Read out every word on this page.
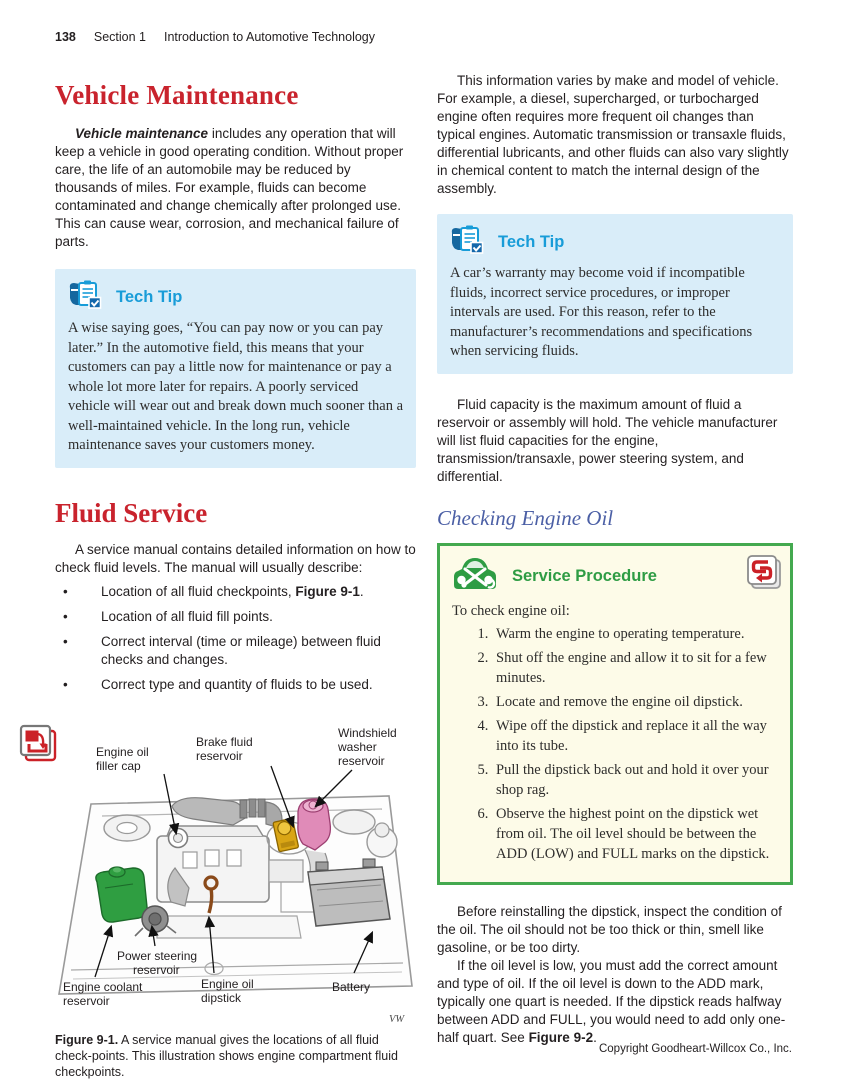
138 Section 1 Introduction to Automotive Technology
Vehicle Maintenance

Vehicle maintenance includes any operation that will keep a vehicle in good operating condition. Without proper care, the life of an automobile may be reduced by thousands of miles. For example, fluids can become contaminated and change chemically after prolonged use. This can cause wear, corrosion, and mechanical failure of parts.

Tech Tip
A wise saying goes, “You can pay now or you can pay later.” In the automotive field, this means that your customers can pay a little now for maintenance or pay a whole lot more later for repairs. A poorly serviced vehicle will wear out and break down much sooner than a well-maintained vehicle. In the long run, vehicle maintenance saves your customers money.
Fluid Service

A service manual contains detailed information on how to check fluid levels. The manual will usually describe:

• Location of all fluid checkpoints, Figure 9-1.
• Location of all fluid fill points.
• Correct interval (time or mileage) between fluid checks and changes.
• Correct type and quantity of fluids to be used.
Engine oil
filler cap
Brake fluid
reservoir
Windshield
washer
reservoir
Power steering
reservoir
Engine coolant
reservoir
Engine oil
dipstick
Battery
VW

Figure 9-1. A service manual gives the locations of all fluid check-points. This illustration shows engine compartment fluid checkpoints.

This information varies by make and model of vehicle. For example, a diesel, supercharged, or turbocharged engine often requires more frequent oil changes than typical engines. Automatic transmission or transaxle fluids, differential lubricants, and other fluids can also vary slightly in chemical content to match the internal design of the assembly.

Tech Tip
A car’s warranty may become void if incompatible fluids, incorrect service procedures, or improper intervals are used. For this reason, refer to the manufacturer’s recommendations and specifications when servicing fluids.

Fluid capacity is the maximum amount of fluid a reservoir or assembly will hold. The vehicle manufacturer will list fluid capacities for the engine, transmission/transaxle, power steering system, and differential.

Checking Engine Oil
Service Procedure
To check engine oil:
1. Warm the engine to operating temperature.
2. Shut off the engine and allow it to sit for a few minutes.
3. Locate and remove the engine oil dipstick.
4. Wipe off the dipstick and replace it all the way into its tube.
5. Pull the dipstick back out and hold it over your shop rag.
6. Observe the highest point on the dipstick wet from oil. The oil level should be between the ADD (LOW) and FULL marks on the dipstick.

Before reinstalling the dipstick, inspect the condition of the oil. The oil should not be too thick or thin, smell like gasoline, or be too dirty.

If the oil level is low, you must add the correct amount and type of oil. If the oil level is down to the ADD mark, typically one quart is needed. If the dipstick reads halfway between ADD and FULL, you would need to add only one-half quart. See Figure 9-2.

Copyright Goodheart-Willcox Co., Inc.
